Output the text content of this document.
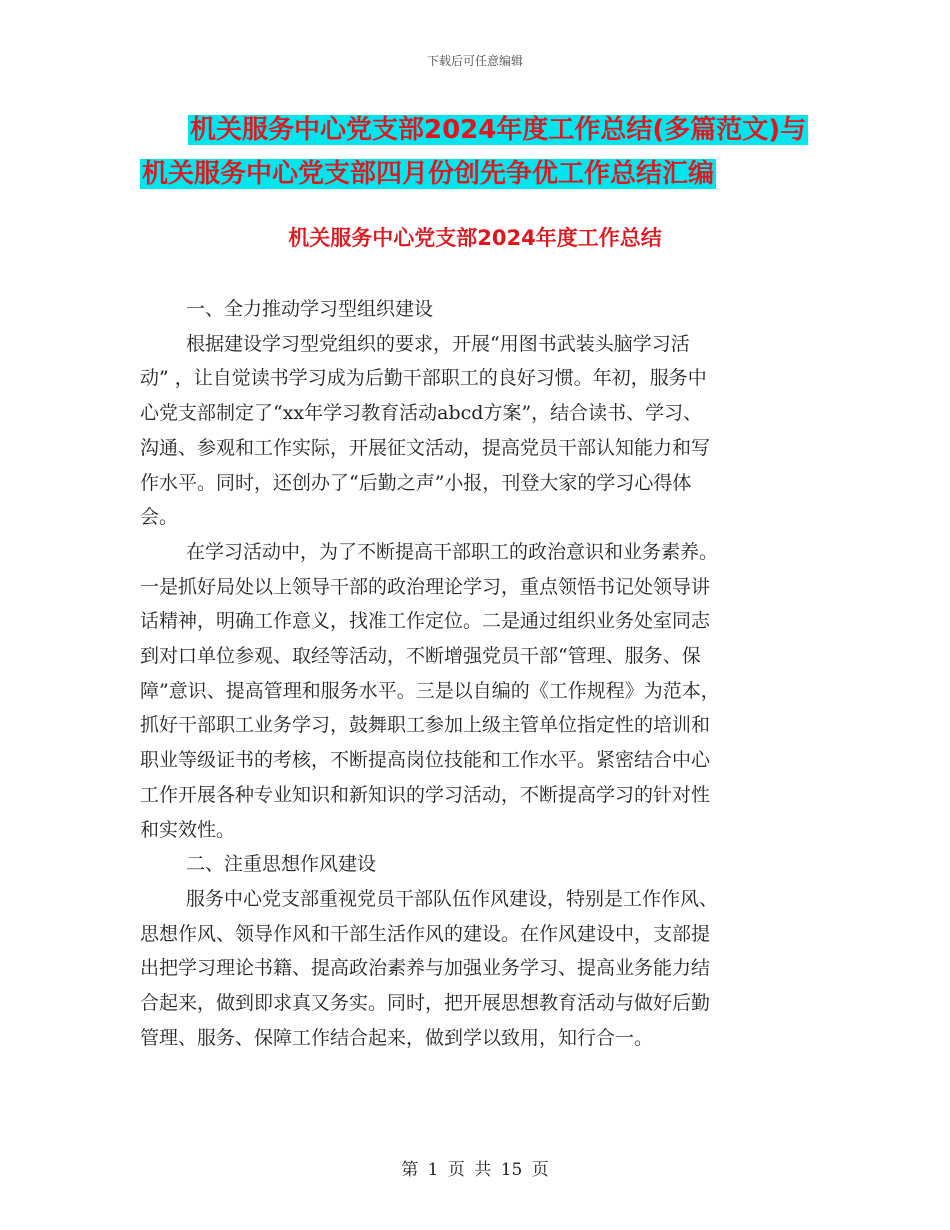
下载后可任意编辑
机关服务中心党支部2024年度工作总结(多篇范文)与
机关服务中心党支部四月份创先争优工作总结汇编
机关服务中心党支部2024年度工作总结

一、全力推动学习型组织建设

根据建设学习型党组织的要求，开展“用图书武装头脑学习活

动” ，让自觉读书学习成为后勤干部职工的良好习惯。年初，服务中

心党支部制定了“xx年学习教育活动abcd方案”，结合读书、学习、

沟通、参观和工作实际，开展征文活动，提高党员干部认知能力和写

作水平。同时，还创办了“后勤之声”小报，刊登大家的学习心得体

会。

在学习活动中，为了不断提高干部职工的政治意识和业务素养。

一是抓好局处以上领导干部的政治理论学习，重点领悟书记处领导讲

话精神，明确工作意义，找准工作定位。二是通过组织业务处室同志

到对口单位参观、取经等活动，不断增强党员干部“管理、服务、保

障”意识、提高管理和服务水平。三是以自编的《工作规程》为范本，

抓好干部职工业务学习，鼓舞职工参加上级主管单位指定性的培训和

职业等级证书的考核，不断提高岗位技能和工作水平。紧密结合中心

工作开展各种专业知识和新知识的学习活动，不断提高学习的针对性

和实效性。

二、注重思想作风建设

服务中心党支部重视党员干部队伍作风建设，特别是工作作风、

思想作风、领导作风和干部生活作风的建设。在作风建设中，支部提

出把学习理论书籍、提高政治素养与加强业务学习、提高业务能力结

合起来，做到即求真又务实。同时，把开展思想教育活动与做好后勤

管理、服务、保障工作结合起来，做到学以致用，知行合一。

第 1 页 共 15 页
